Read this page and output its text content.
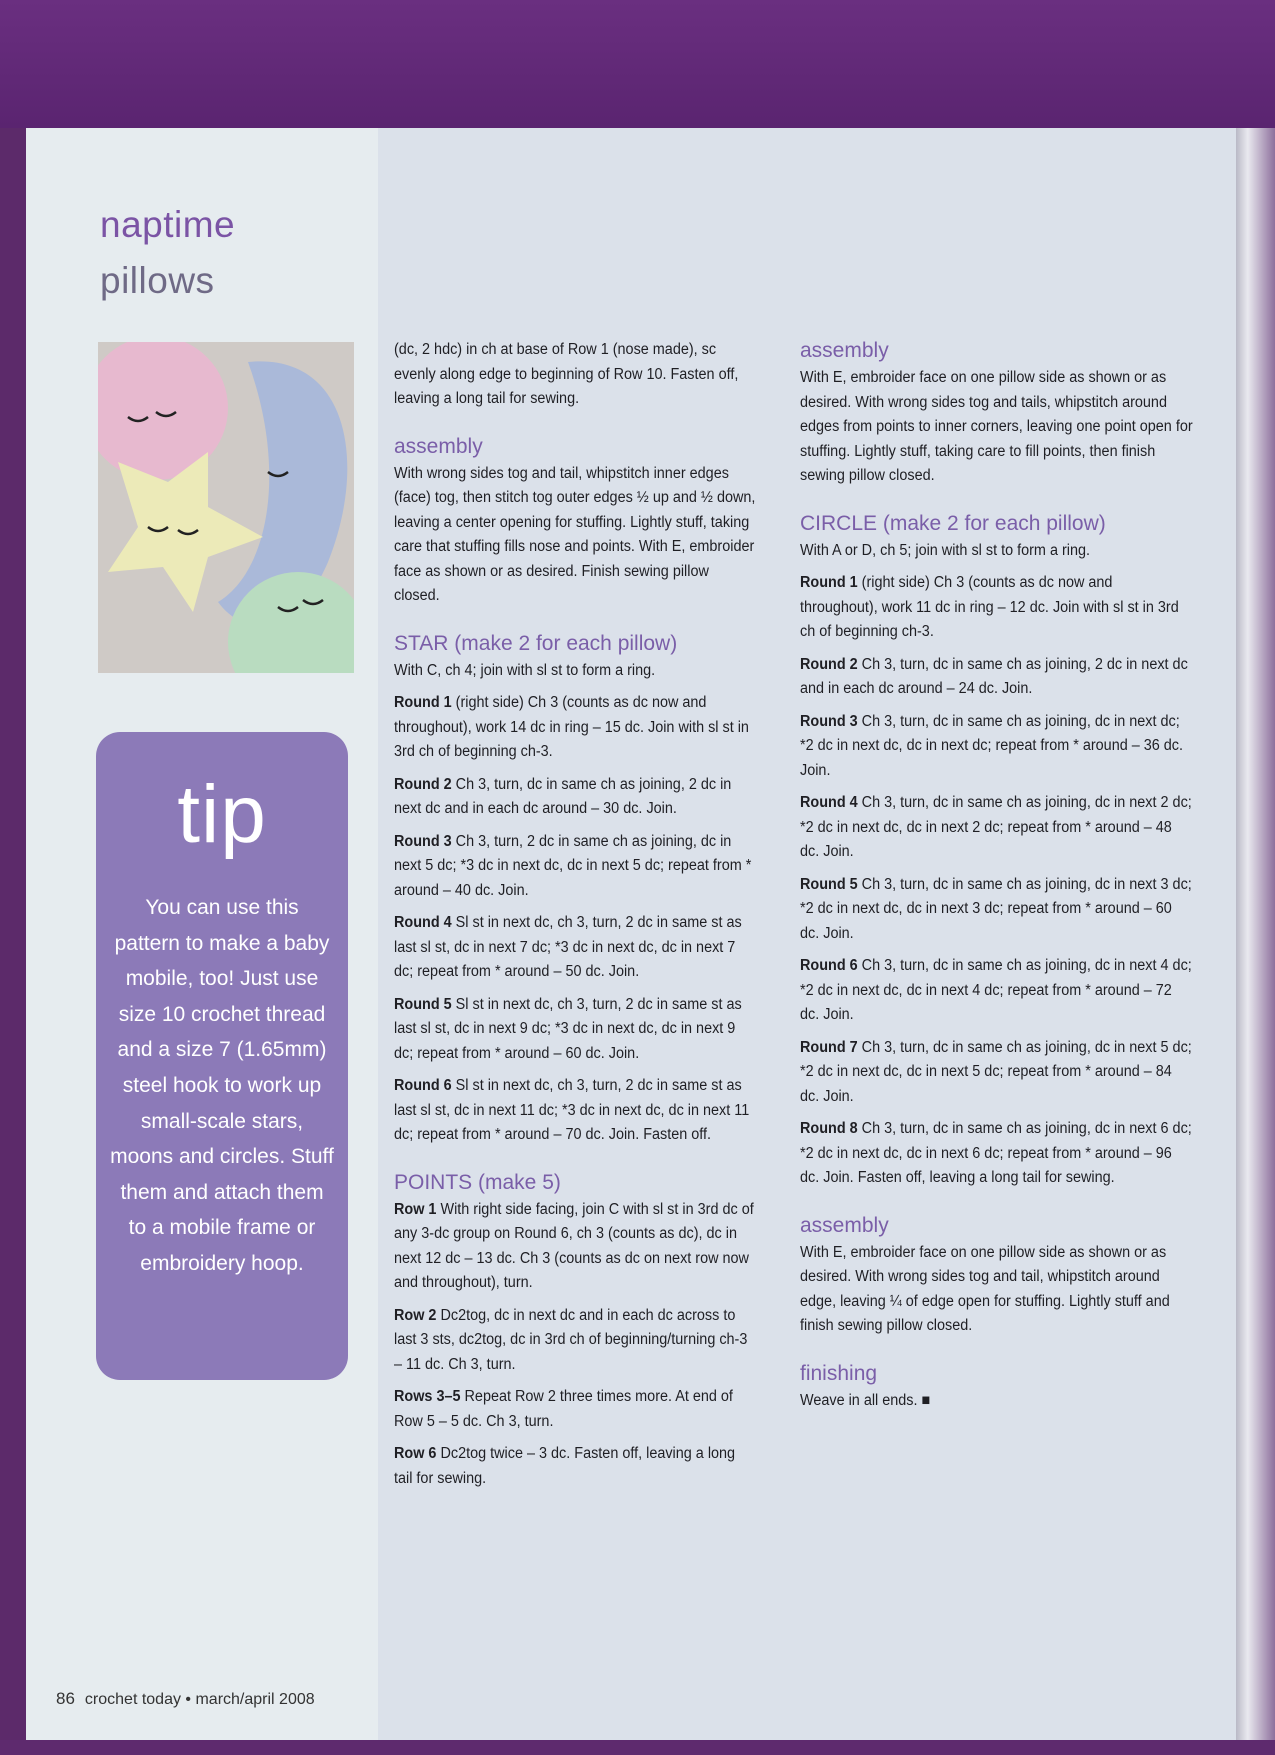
naptime
pillows
tip
You can use this pattern to make a baby mobile, too! Just use size 10 crochet thread and a size 7 (1.65mm) steel hook to work up small-scale stars, moons and circles. Stuff them and attach them to a mobile frame or embroidery hoop.
86 crochet today • march/april 2008

(dc, 2 hdc) in ch at base of Row 1 (nose made), sc evenly along edge to beginning of Row 10. Fasten off, leaving a long tail for sewing.

assembly

With wrong sides tog and tail, whipstitch inner edges (face) tog, then stitch tog outer edges ½ up and ½ down, leaving a center opening for stuffing. Lightly stuff, taking care that stuffing fills nose and points. With E, embroider face as shown or as desired. Finish sewing pillow closed.

STAR (make 2 for each pillow)

With C, ch 4; join with sl st to form a ring.

Round 1 (right side) Ch 3 (counts as dc now and throughout), work 14 dc in ring – 15 dc. Join with sl st in 3rd ch of beginning ch-3.

Round 2 Ch 3, turn, dc in same ch as joining, 2 dc in next dc and in each dc around – 30 dc. Join.

Round 3 Ch 3, turn, 2 dc in same ch as joining, dc in next 5 dc; *3 dc in next dc, dc in next 5 dc; repeat from * around – 40 dc. Join.

Round 4 Sl st in next dc, ch 3, turn, 2 dc in same st as last sl st, dc in next 7 dc; *3 dc in next dc, dc in next 7 dc; repeat from * around – 50 dc. Join.

Round 5 Sl st in next dc, ch 3, turn, 2 dc in same st as last sl st, dc in next 9 dc; *3 dc in next dc, dc in next 9 dc; repeat from * around – 60 dc. Join.

Round 6 Sl st in next dc, ch 3, turn, 2 dc in same st as last sl st, dc in next 11 dc; *3 dc in next dc, dc in next 11 dc; repeat from * around – 70 dc. Join. Fasten off.

POINTS (make 5)

Row 1 With right side facing, join C with sl st in 3rd dc of any 3-dc group on Round 6, ch 3 (counts as dc), dc in next 12 dc – 13 dc. Ch 3 (counts as dc on next row now and throughout), turn.

Row 2 Dc2tog, dc in next dc and in each dc across to last 3 sts, dc2tog, dc in 3rd ch of beginning/turning ch-3 – 11 dc. Ch 3, turn.

Rows 3–5 Repeat Row 2 three times more. At end of Row 5 – 5 dc. Ch 3, turn.

Row 6 Dc2tog twice – 3 dc. Fasten off, leaving a long tail for sewing.

assembly

With E, embroider face on one pillow side as shown or as desired. With wrong sides tog and tails, whipstitch around edges from points to inner corners, leaving one point open for stuffing. Lightly stuff, taking care to fill points, then finish sewing pillow closed.

CIRCLE (make 2 for each pillow)

With A or D, ch 5; join with sl st to form a ring.

Round 1 (right side) Ch 3 (counts as dc now and throughout), work 11 dc in ring – 12 dc. Join with sl st in 3rd ch of beginning ch-3.

Round 2 Ch 3, turn, dc in same ch as joining, 2 dc in next dc and in each dc around – 24 dc. Join.

Round 3 Ch 3, turn, dc in same ch as joining, dc in next dc; *2 dc in next dc, dc in next dc; repeat from * around – 36 dc. Join.

Round 4 Ch 3, turn, dc in same ch as joining, dc in next 2 dc; *2 dc in next dc, dc in next 2 dc; repeat from * around – 48 dc. Join.

Round 5 Ch 3, turn, dc in same ch as joining, dc in next 3 dc; *2 dc in next dc, dc in next 3 dc; repeat from * around – 60 dc. Join.

Round 6 Ch 3, turn, dc in same ch as joining, dc in next 4 dc; *2 dc in next dc, dc in next 4 dc; repeat from * around – 72 dc. Join.

Round 7 Ch 3, turn, dc in same ch as joining, dc in next 5 dc; *2 dc in next dc, dc in next 5 dc; repeat from * around – 84 dc. Join.

Round 8 Ch 3, turn, dc in same ch as joining, dc in next 6 dc; *2 dc in next dc, dc in next 6 dc; repeat from * around – 96 dc. Join. Fasten off, leaving a long tail for sewing.

assembly

With E, embroider face on one pillow side as shown or as desired. With wrong sides tog and tail, whipstitch around edge, leaving ¼ of edge open for stuffing. Lightly stuff and finish sewing pillow closed.

finishing

Weave in all ends. ■
